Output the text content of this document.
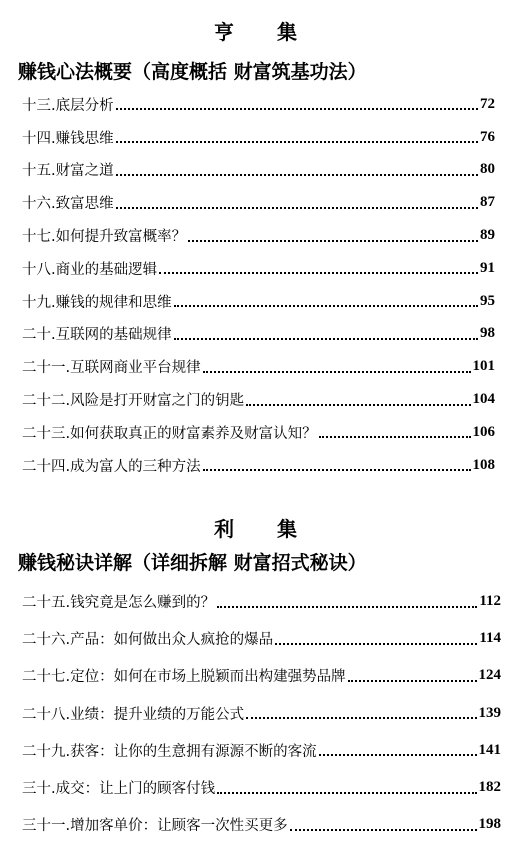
亨 集
赚钱心法概要（高度概括 财富筑基功法）
十三.底层分析	72
十四.赚钱思维	76
十五.财富之道	80
十六.致富思维	87
十七.如何提升致富概率？	89
十八.商业的基础逻辑	91
十九.赚钱的规律和思维	95
二十.互联网的基础规律	98
二十一.互联网商业平台规律	101
二十二.风险是打开财富之门的钥匙	104
二十三.如何获取真正的财富素养及财富认知？	106
二十四.成为富人的三种方法	108
利 集
赚钱秘诀详解（详细拆解 财富招式秘诀）
二十五.钱究竟是怎么赚到的？	112
二十六.产品：如何做出众人疯抢的爆品	114
二十七.定位：如何在市场上脱颖而出构建强势品牌	124
二十八.业绩：提升业绩的万能公式	139
二十九.获客：让你的生意拥有源源不断的客流	141
三十.成交：让上门的顾客付钱	182
三十一.增加客单价：让顾客一次性买更多	198
